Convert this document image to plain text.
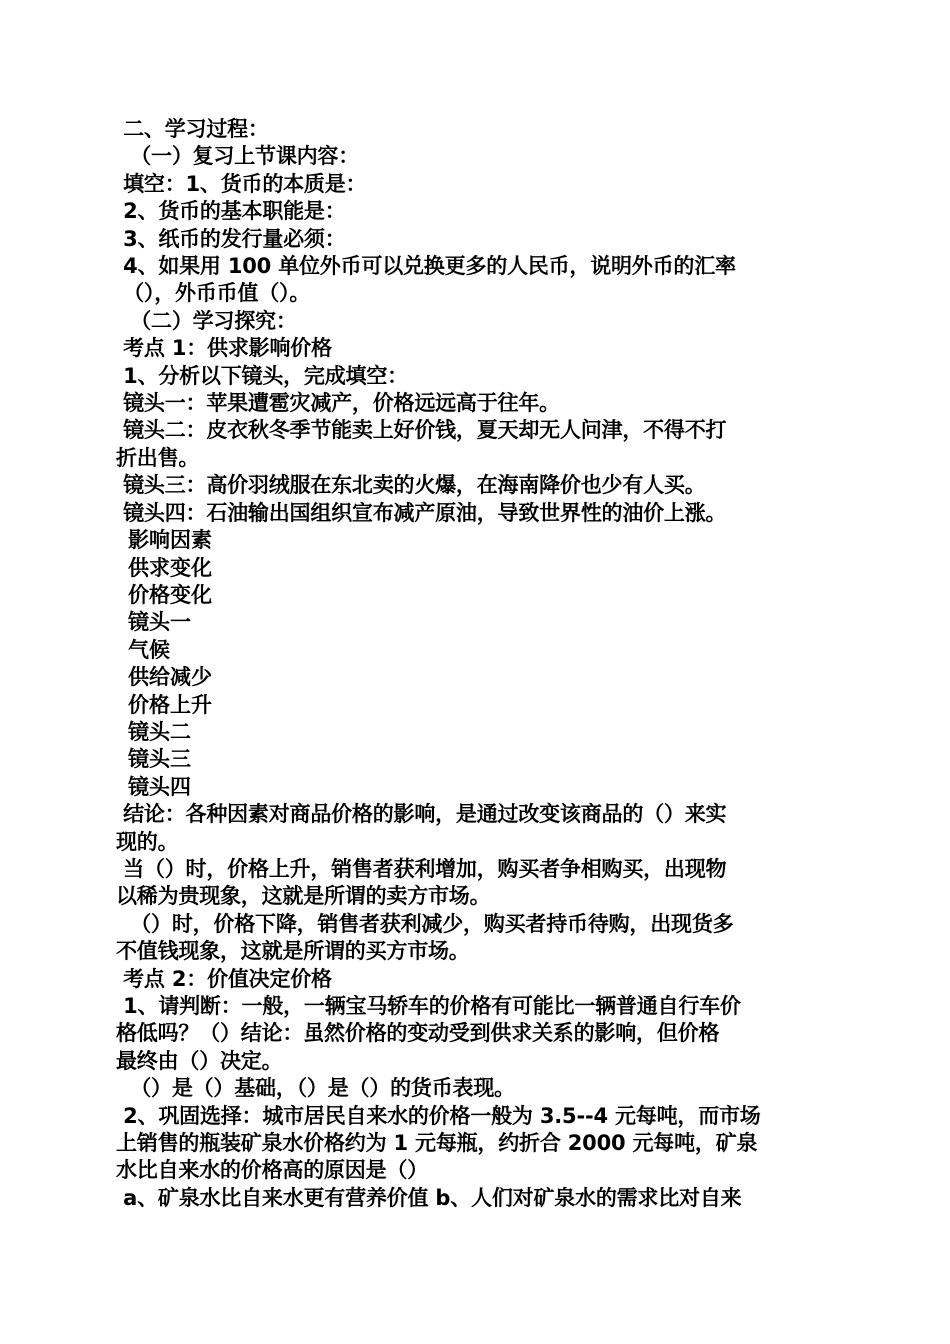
二、学习过程：

（一）复习上节课内容：

填空：1、货币的本质是：

2、货币的基本职能是：

3、纸币的发行量必须：

4、如果用 100 单位外币可以兑换更多的人民币，说明外币的汇率

（），外币币值（）。

（二）学习探究：

考点 1：供求影响价格

1、分析以下镜头，完成填空：

镜头一：苹果遭雹灾减产，价格远远高于往年。

镜头二：皮衣秋冬季节能卖上好价钱，夏天却无人问津，不得不打

折出售。

镜头三：高价羽绒服在东北卖的火爆，在海南降价也少有人买。

镜头四：石油输出国组织宣布减产原油，导致世界性的油价上涨。

影响因素

供求变化

价格变化

镜头一

气候

供给减少

价格上升

镜头二

镜头三

镜头四

结论：各种因素对商品价格的影响，是通过改变该商品的（）来实

现的。

当（）时，价格上升，销售者获利增加，购买者争相购买，出现物

以稀为贵现象，这就是所谓的卖方市场。

（）时，价格下降，销售者获利减少，购买者持币待购，出现货多

不值钱现象，这就是所谓的买方市场。

考点 2：价值决定价格

1、请判断：一般，一辆宝马轿车的价格有可能比一辆普通自行车价

格低吗？（）结论：虽然价格的变动受到供求关系的影响，但价格

最终由（）决定。

（）是（）基础，（）是（）的货币表现。

2、巩固选择：城市居民自来水的价格一般为 3.5--4 元每吨，而市场

上销售的瓶装矿泉水价格约为 1 元每瓶，约折合 2000 元每吨，矿泉

水比自来水的价格高的原因是（）

a、矿泉水比自来水更有营养价值 b、人们对矿泉水的需求比对自来
